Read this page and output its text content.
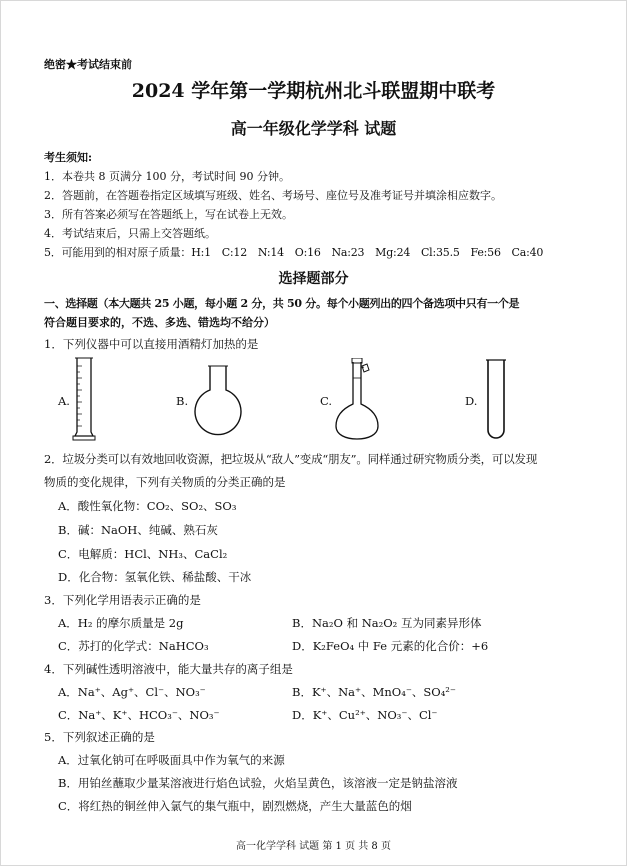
绝密★考试结束前
2024 学年第一学期杭州北斗联盟期中联考
高一年级化学学科 试题
考生须知:
1．本卷共 8 页满分 100 分，考试时间 90 分钟。
2．答题前，在答题卷指定区域填写班级、姓名、考场号、座位号及准考证号并填涂相应数字。
3．所有答案必须写在答题纸上，写在试卷上无效。
4．考试结束后，只需上交答题纸。
5．可能用到的相对原子质量：H:1　C:12　N:14　O:16　Na:23　Mg:24　Cl:35.5　Fe:56　Ca:40
选择题部分
一、选择题（本大题共 25 小题，每小题 2 分，共 50 分。每个小题列出的四个备选项中只有一个是
符合题目要求的，不选、多选、错选均不给分）
1．下列仪器中可以直接用酒精灯加热的是
A.	B.	C.	D.
2．垃圾分类可以有效地回收资源，把垃圾从“敌人”变成“朋友”。同样通过研究物质分类，可以发现
物质的变化规律，下列有关物质的分类正确的是
A．酸性氧化物：CO₂、SO₂、SO₃
B．碱：NaOH、纯碱、熟石灰
C．电解质：HCl、NH₃、CaCl₂
D．化合物：氢氧化铁、稀盐酸、干冰
3．下列化学用语表示正确的是
A．H₂ 的摩尔质量是 2g	B．Na₂O 和 Na₂O₂ 互为同素异形体
C．苏打的化学式：NaHCO₃	D．K₂FeO₄ 中 Fe 元素的化合价：+6
4．下列碱性透明溶液中，能大量共存的离子组是
A．Na⁺、Ag⁺、Cl⁻、NO₃⁻	B．K⁺、Na⁺、MnO₄⁻、SO₄²⁻
C．Na⁺、K⁺、HCO₃⁻、NO₃⁻	D．K⁺、Cu²⁺、NO₃⁻、Cl⁻
5．下列叙述正确的是
A．过氧化钠可在呼吸面具中作为氧气的来源
B．用铂丝蘸取少量某溶液进行焰色试验，火焰呈黄色，该溶液一定是钠盐溶液
C．将红热的铜丝伸入氯气的集气瓶中，剧烈燃烧，产生大量蓝色的烟
高一化学学科 试题 第 1 页 共 8 页
